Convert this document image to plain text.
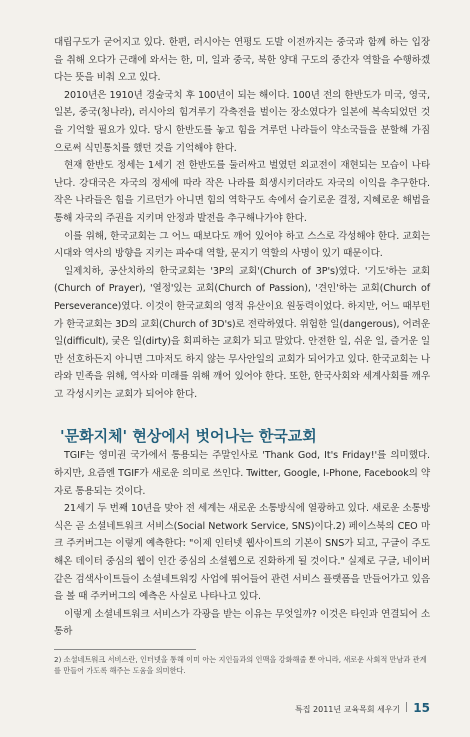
대립구도가 굳어지고 있다. 한편, 러시아는 연평도 도발 이전까지는 중국과 함께 하는 입장을 취해 오다가 근래에 와서는 한, 미, 일과 중국, 북한 양대 구도의 중간자 역할을 수행하겠다는 뜻을 비춰 오고 있다.

2010년은 1910년 경술국치 후 100년이 되는 해이다. 100년 전의 한반도가 미국, 영국, 일본, 중국(청나라), 러시아의 힘겨루기 각축전을 벌이는 장소였다가 일본에 복속되었던 것을 기억할 필요가 있다. 당시 한반도를 놓고 힘을 겨루던 나라들이 약소국들을 분할해 가짐으로써 식민통치를 했던 것을 기억해야 한다.

현재 한반도 정세는 1세기 전 한반도를 둘러싸고 벌였던 외교전이 재현되는 모습이 나타난다. 강대국은 자국의 정세에 따라 작은 나라를 희생시키더라도 자국의 이익을 추구한다. 작은 나라들은 힘을 기르던가 아니면 힘의 역학구도 속에서 슬기로운 결정, 지혜로운 해법을 통해 자국의 주권을 지키며 안정과 발전을 추구해나가야 한다.

이를 위해, 한국교회는 그 어느 때보다도 깨어 있어야 하고 스스로 각성해야 한다. 교회는 시대와 역사의 방향을 지키는 파수대 역할, 문지기 역할의 사명이 있기 때문이다.

일제치하, 공산치하의 한국교회는 '3P의 교회'(Church of 3P's)였다. '기도'하는 교회(Church of Prayer), '열정'있는 교회(Church of Passion), '견인'하는 교회(Church of Perseverance)였다. 이것이 한국교회의 영적 유산이요 원동력이었다. 하지만, 어느 때부턴가 한국교회는 3D의 교회(Church of 3D's)로 전락하였다. 위험한 일(dangerous), 어려운 일(difficult), 궂은 일(dirty)을 회피하는 교회가 되고 말았다. 안전한 일, 쉬운 일, 즐거운 일만 선호하든지 아니면 그마저도 하지 않는 무사안일의 교회가 되어가고 있다. 한국교회는 나라와 민족을 위해, 역사와 미래를 위해 깨어 있어야 한다. 또한, 한국사회와 세계사회를 깨우고 각성시키는 교회가 되어야 한다.

'문화지체' 현상에서 벗어나는 한국교회

TGIF는 영미권 국가에서 통용되는 주말인사로 'Thank God, It's Friday!'를 의미했다. 하지만, 요즘엔 TGIF가 새로운 의미로 쓰인다. Twitter, Google, I-Phone, Facebook의 약자로 통용되는 것이다.

21세기 두 번째 10년을 맞아 전 세계는 새로운 소통방식에 열광하고 있다. 새로운 소통방식은 곧 소셜네트워크 서비스(Social Network Service, SNS)이다.2) 페이스북의 CEO 마크 주커버그는 이렇게 예측한다: "이제 인터넷 웹사이트의 기본이 SNS가 되고, 구글이 주도해온 데이터 중심의 웹이 인간 중심의 소셜웹으로 진화하게 될 것이다." 실제로 구글, 네이버 같은 검색사이트들이 소셜네트워킹 사업에 뛰어들어 관련 서비스 플랫폼을 만들어가고 있음을 볼 때 주커버그의 예측은 사실로 나타나고 있다.

이렇게 소셜네트워크 서비스가 각광을 받는 이유는 무엇일까? 이것은 타인과 연결되어 소통하

2) 소셜네트워크 서비스란, 인터넷을 통해 이미 아는 지인들과의 인맥을 강화해줄 뿐 아니라, 새로운 사회적 만남과 관계를 만들어 가도록 해주는 도움을 의미한다.

특집 2011년 교육목회 세우기 15
